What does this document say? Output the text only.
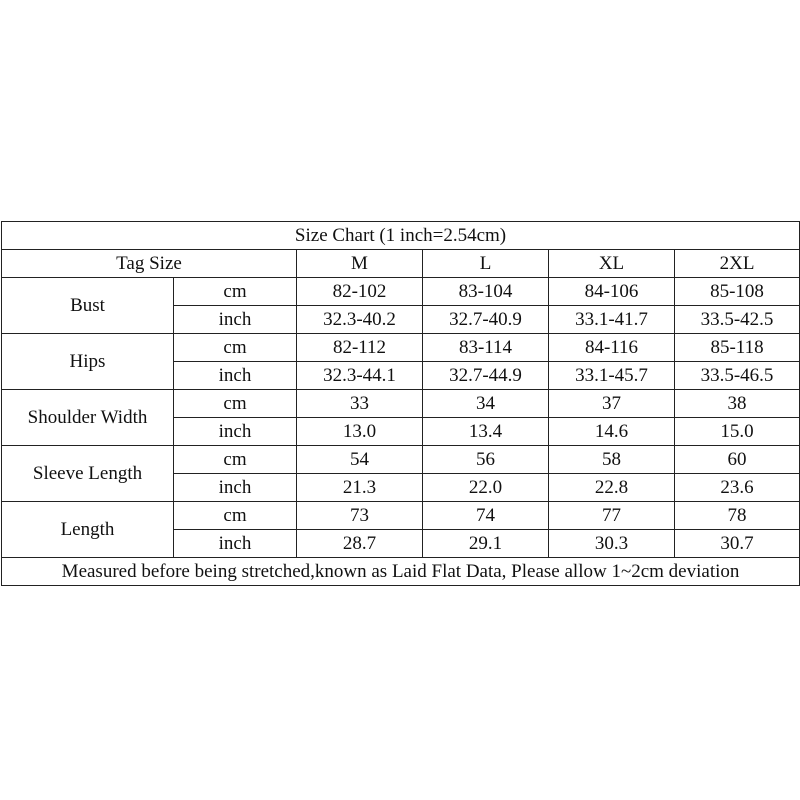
Size Chart (1 inch=2.54cm)					
Tag Size		M	L	XL	2XL
Bust	cm	82-102	83-104	84-106	85-108
	inch	32.3-40.2	32.7-40.9	33.1-41.7	33.5-42.5
Hips	cm	82-112	83-114	84-116	85-118
	inch	32.3-44.1	32.7-44.9	33.1-45.7	33.5-46.5
Shoulder Width	cm	33	34	37	38
	inch	13.0	13.4	14.6	15.0
Sleeve Length	cm	54	56	58	60
	inch	21.3	22.0	22.8	23.6
Length	cm	73	74	77	78
	inch	28.7	29.1	30.3	30.7
Measured before being stretched,known as Laid Flat Data, Please allow 1~2cm deviation					
